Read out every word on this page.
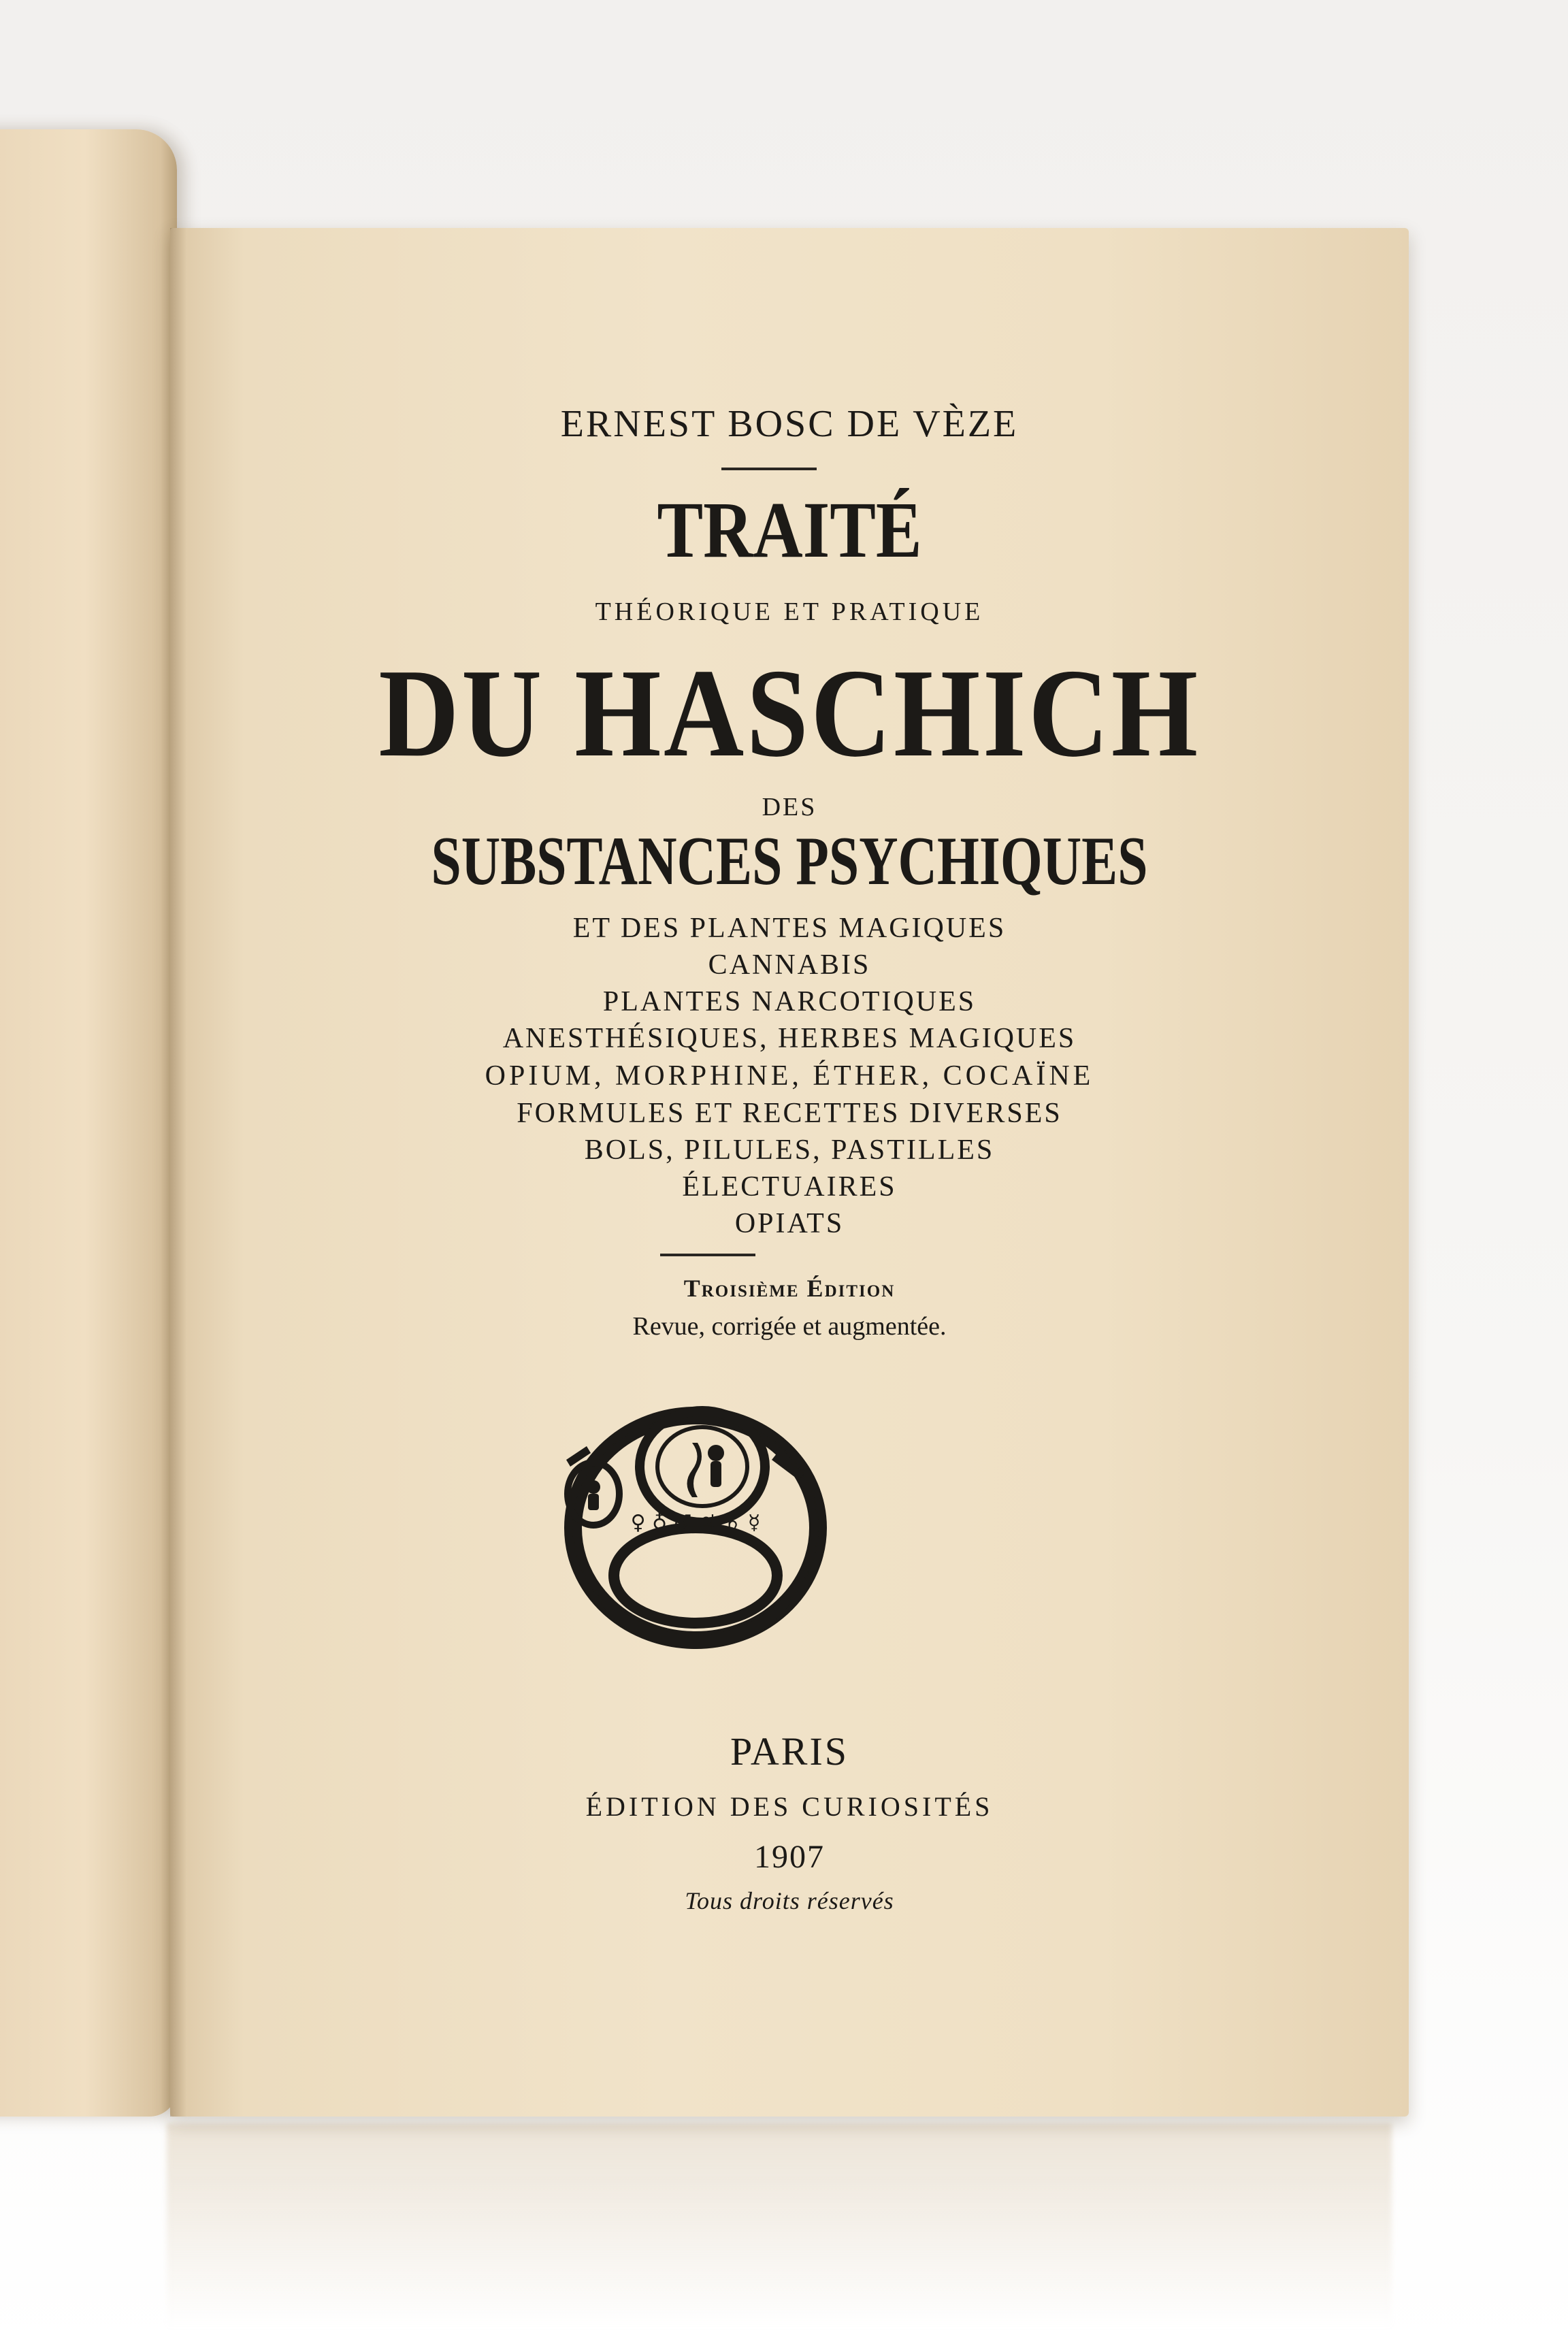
ERNEST BOSC DE VÈZE

TRAITÉ

THÉORIQUE ET PRATIQUE

DU HASCHICH

DES

SUBSTANCES PSYCHIQUES

ET DES PLANTES MAGIQUES

CANNABIS

PLANTES NARCOTIQUES

ANESTHÉSIQUES, HERBES MAGIQUES

OPIUM, MORPHINE, ÉTHER, COCAÏNE

FORMULES ET RECETTES DIVERSES

BOLS, PILULES, PASTILLES

ÉLECTUAIRES

OPIATS

Troisième Édition

Revue, corrigée et augmentée.

♀ ♁ ♂ ♃ ♄ ☿

PARIS

ÉDITION DES CURIOSITÉS

1907

Tous droits réservés
